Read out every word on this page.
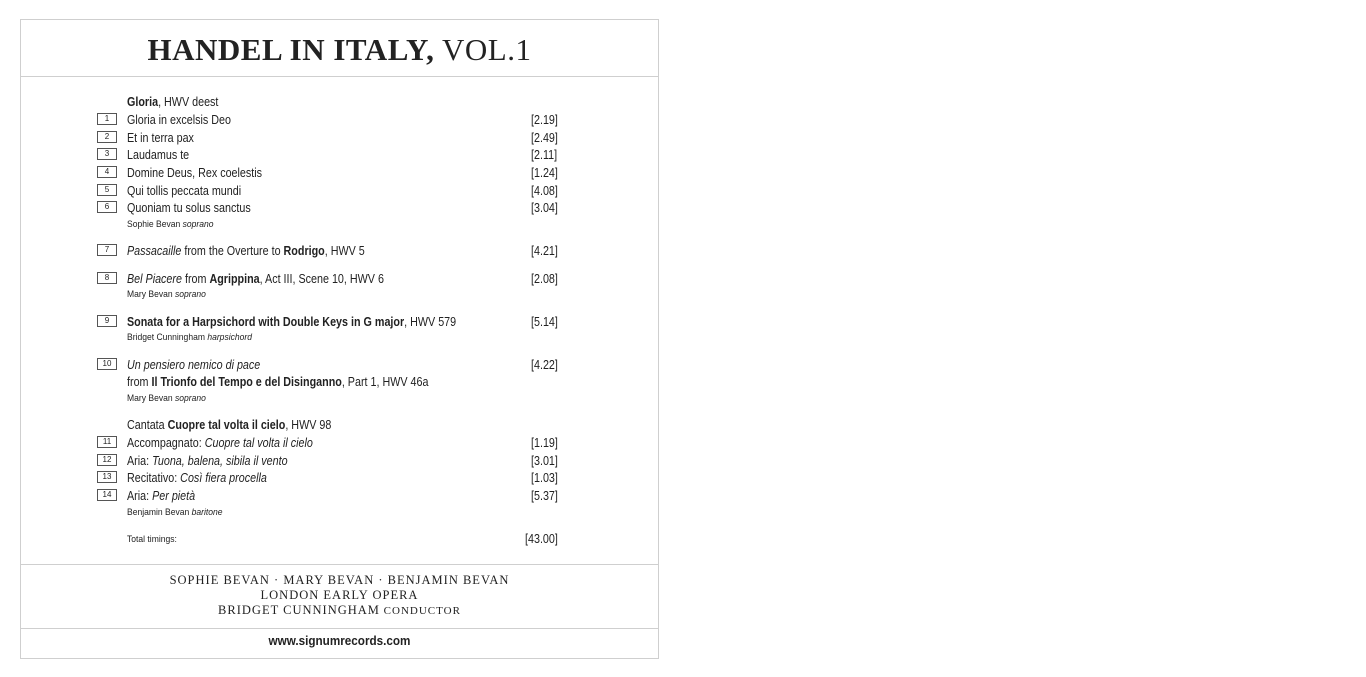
HANDEL IN ITALY, VOL.1
Gloria, HWV deest
1	Gloria in excelsis Deo	[2.19]
2	Et in terra pax	[2.49]
3	Laudamus te	[2.11]
4	Domine Deus, Rex coelestis	[1.24]
5	Qui tollis peccata mundi	[4.08]
6	Quoniam tu solus sanctus	[3.04]
Sophie Bevan soprano
7	Passacaille from the Overture to Rodrigo, HWV 5	[4.21]
8	Bel Piacere from Agrippina, Act III, Scene 10, HWV 6	[2.08]
Mary Bevan soprano
9	Sonata for a Harpsichord with Double Keys in G major, HWV 579	[5.14]
Bridget Cunningham harpsichord
10	Un pensiero nemico di pace	[4.22]
from Il Trionfo del Tempo e del Disinganno, Part 1, HWV 46a
Mary Bevan soprano
Cantata Cuopre tal volta il cielo, HWV 98
11	Accompagnato: Cuopre tal volta il cielo	[1.19]
12	Aria: Tuona, balena, sibila il vento	[3.01]
13	Recitativo: Così fiera procella	[1.03]
14	Aria: Per pietà	[5.37]
Benjamin Bevan baritone
Total timings:	[43.00]
SOPHIE BEVAN · MARY BEVAN · BENJAMIN BEVAN
LONDON EARLY OPERA
BRIDGET CUNNINGHAM CONDUCTOR
www.signumrecords.com
